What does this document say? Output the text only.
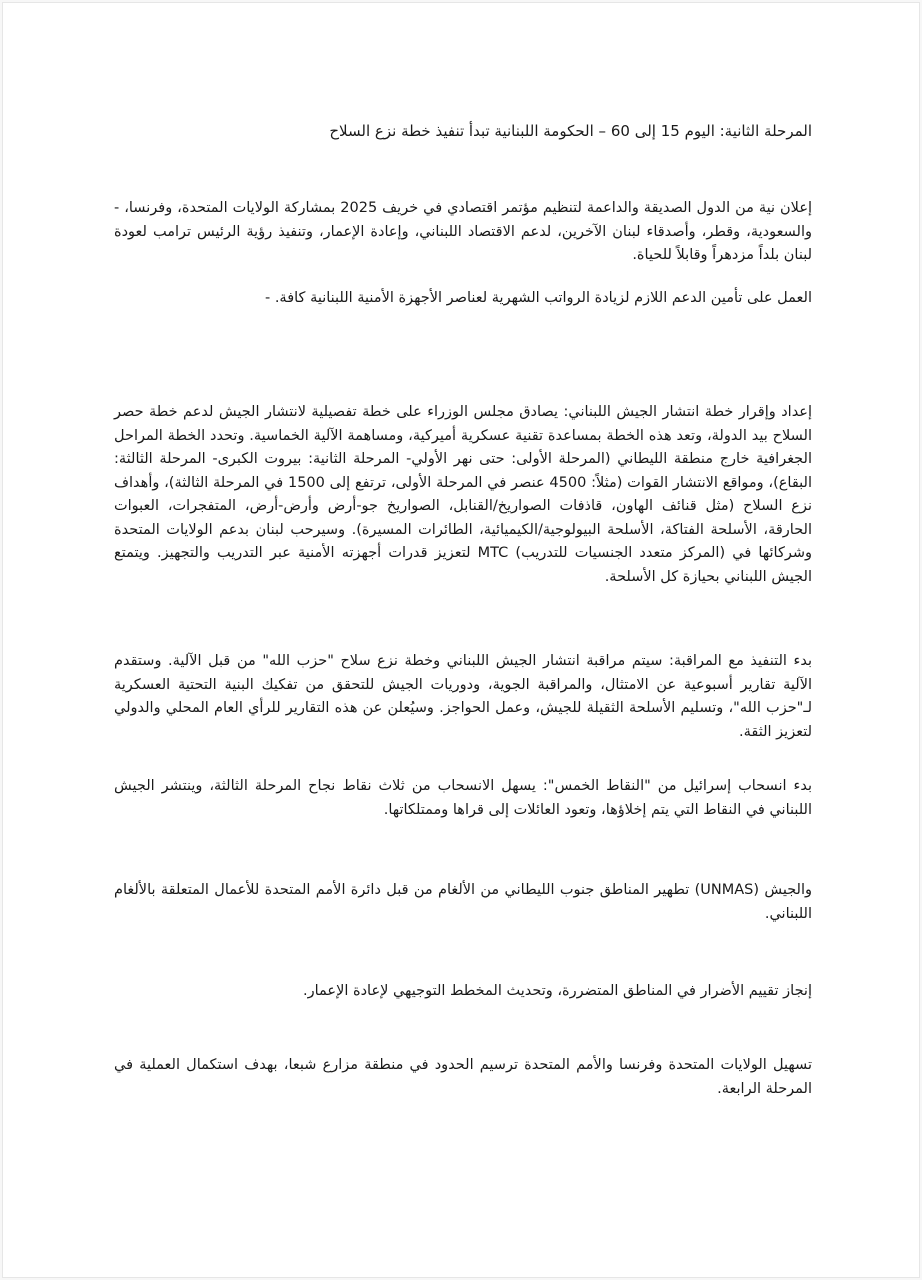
المرحلة الثانية: اليوم 15 إلى 60 – الحكومة اللبنانية تبدأ تنفيذ خطة نزع السلاح

إعلان نية من الدول الصديقة والداعمة لتنظيم مؤتمر اقتصادي في خريف 2025 بمشاركة الولايات المتحدة، وفرنسا، - والسعودية، وقطر، وأصدقاء لبنان الآخرين، لدعم الاقتصاد اللبناني، وإعادة الإعمار، وتنفيذ رؤية الرئيس ترامب لعودة لبنان بلداً مزدهراً وقابلاً للحياة.

العمل على تأمين الدعم اللازم لزيادة الرواتب الشهرية لعناصر الأجهزة الأمنية اللبنانية كافة. -

إعداد وإقرار خطة انتشار الجيش اللبناني: يصادق مجلس الوزراء على خطة تفصيلية لانتشار الجيش لدعم خطة حصر السلاح بيد الدولة، وتعد هذه الخطة بمساعدة تقنية عسكرية أميركية، ومساهمة الآلية الخماسية. وتحدد الخطة المراحل الجغرافية خارج منطقة الليطاني (المرحلة الأولى: حتى نهر الأولي- المرحلة الثانية: بيروت الكبرى- المرحلة الثالثة: البقاع)، ومواقع الانتشار القوات (مثلاً: 4500 عنصر في المرحلة الأولى، ترتفع إلى 1500 في المرحلة الثالثة)، وأهداف نزع السلاح (مثل قنائف الهاون، قاذفات الصواريخ/القنابل، الصواريخ جو-أرض وأرض-أرض، المتفجرات، العبوات الحارقة، الأسلحة الفتاكة، الأسلحة البيولوجية/الكيميائية، الطائرات المسيرة). وسيرحب لبنان بدعم الولايات المتحدة وشركائها في (المركز متعدد الجنسيات للتدريب) MTC لتعزيز قدرات أجهزته الأمنية عبر التدريب والتجهيز. ويتمتع الجيش اللبناني بحيازة كل الأسلحة.

بدء التنفيذ مع المراقبة: سيتم مراقبة انتشار الجيش اللبناني وخطة نزع سلاح "حزب الله" من قبل الآلية. وستقدم الآلية تقارير أسبوعية عن الامتثال، والمراقبة الجوية، ودوريات الجيش للتحقق من تفكيك البنية التحتية العسكرية لـ"حزب الله"، وتسليم الأسلحة الثقيلة للجيش، وعمل الحواجز. وسيُعلن عن هذه التقارير للرأي العام المحلي والدولي لتعزيز الثقة.

بدء انسحاب إسرائيل من "النقاط الخمس": يسهل الانسحاب من ثلاث نقاط نجاح المرحلة الثالثة، وينتشر الجيش اللبناني في النقاط التي يتم إخلاؤها، وتعود العائلات إلى قراها وممتلكاتها.

والجيش (UNMAS) تطهير المناطق جنوب الليطاني من الألغام من قبل دائرة الأمم المتحدة للأعمال المتعلقة بالألغام اللبناني.

إنجاز تقييم الأضرار في المناطق المتضررة، وتحديث المخطط التوجيهي لإعادة الإعمار.

تسهيل الولايات المتحدة وفرنسا والأمم المتحدة ترسيم الحدود في منطقة مزارع شبعا، بهدف استكمال العملية في المرحلة الرابعة.
